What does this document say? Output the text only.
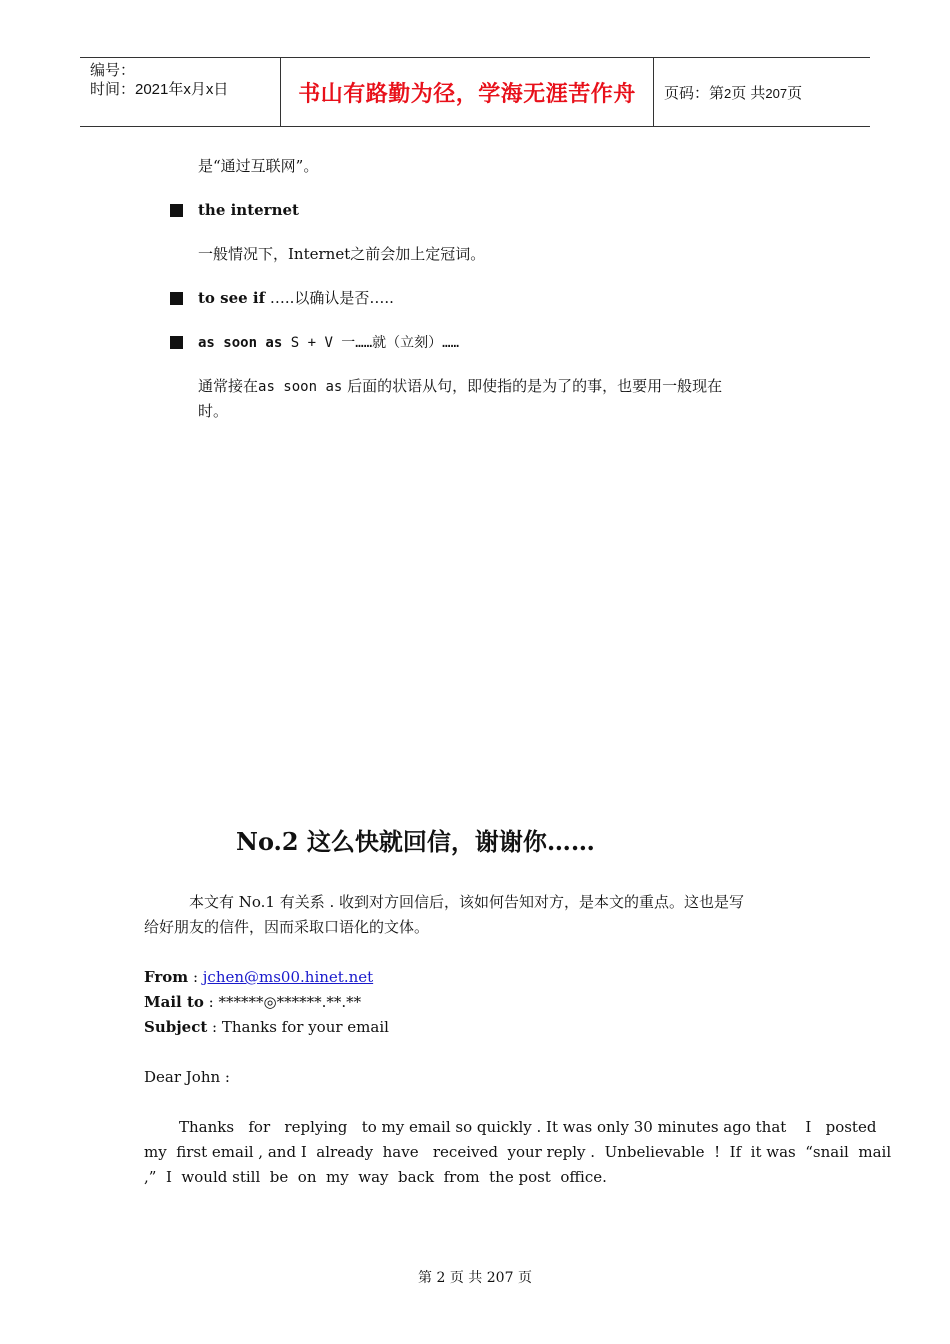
编号：
时间：2021年x月x日	书山有路勤为径，学海无涯苦作舟 页码：第2页 共207页
是“通过互联网”。
the internet
一般情况下，Internet之前会加上定冠词。
to see if …..以确认是否…..
as soon as S + V 一……就（立刻）……
通常接在as soon as 后面的状语从句，即使指的是为了的事，也要用一般现在
时。
No.2 这么快就回信，谢谢你……
本文有 No.1 有关系 . 收到对方回信后，该如何告知对方，是本文的重点。这也是写
给好朋友的信件，因而采取口语化的文体。
From : jchen@ms00.hinet.net
Mail to : ******◎******.**.**
Subject : Thanks for your email
Dear John :
Thanks   for   replying   to my email so quickly . It was only 30 minutes ago that    I   posted
my  first email , and I  already  have   received  your reply .  Unbelievable  !  If  it was  “snail  mail
,”  I  would still  be  on  my  way  back  from  the post  office.
第 2 页 共 207 页
